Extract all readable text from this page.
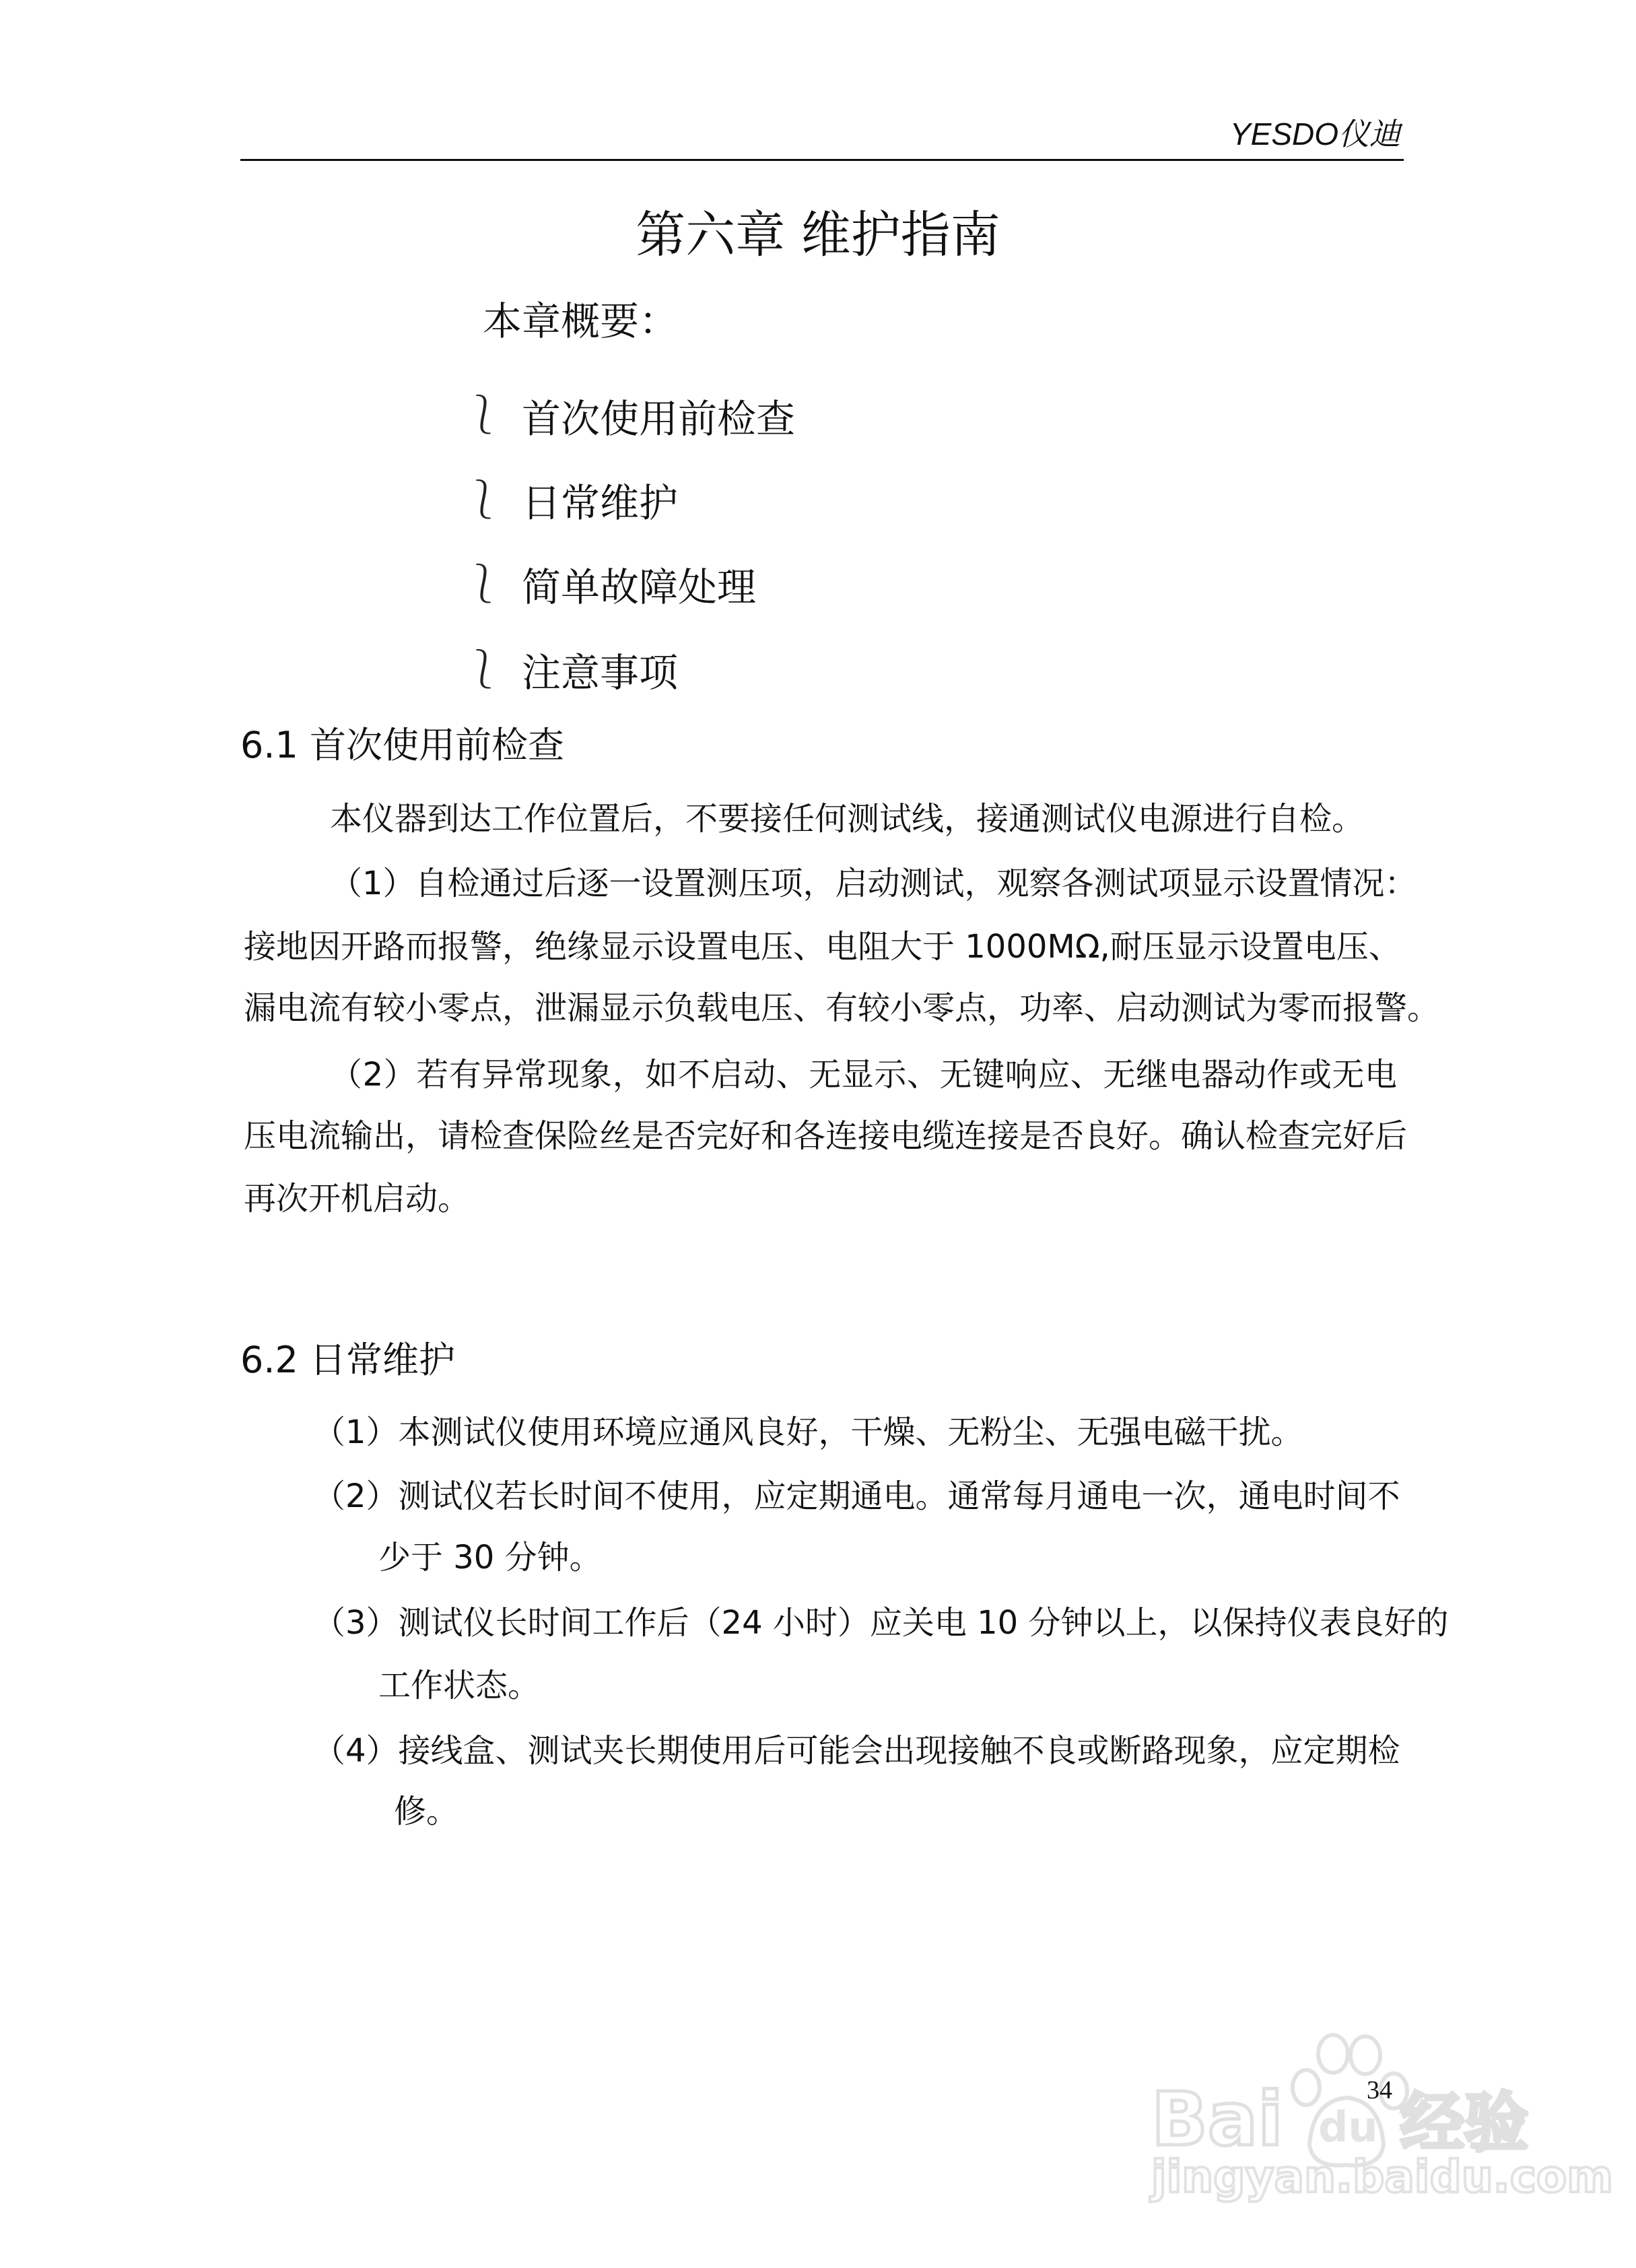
YESDO仪迪
第六章 维护指南
本章概要：
⎱ 首次使用前检查
⎱ 日常维护
⎱ 简单故障处理
⎱ 注意事项
6.1 首次使用前检查
本仪器到达工作位置后，不要接任何测试线，接通测试仪电源进行自检。
（1）自检通过后逐一设置测压项，启动测试，观察各测试项显示设置情况：
接地因开路而报警，绝缘显示设置电压、电阻大于 1000MΩ,耐压显示设置电压、
漏电流有较小零点，泄漏显示负载电压、有较小零点，功率、启动测试为零而报警。
（2）若有异常现象，如不启动、无显示、无键响应、无继电器动作或无电
压电流输出，请检查保险丝是否完好和各连接电缆连接是否良好。确认检查完好后
再次开机启动。
6.2 日常维护
（1）本测试仪使用环境应通风良好，干燥、无粉尘、无强电磁干扰。
（2）测试仪若长时间不使用，应定期通电。通常每月通电一次，通电时间不
少于 30 分钟。
（3）测试仪长时间工作后（24 小时）应关电 10 分钟以上，以保持仪表良好的
工作状态。
（4）接线盒、测试夹长期使用后可能会出现接触不良或断路现象，应定期检
修。
Bai du 经验
jingyan.baidu.com
34
